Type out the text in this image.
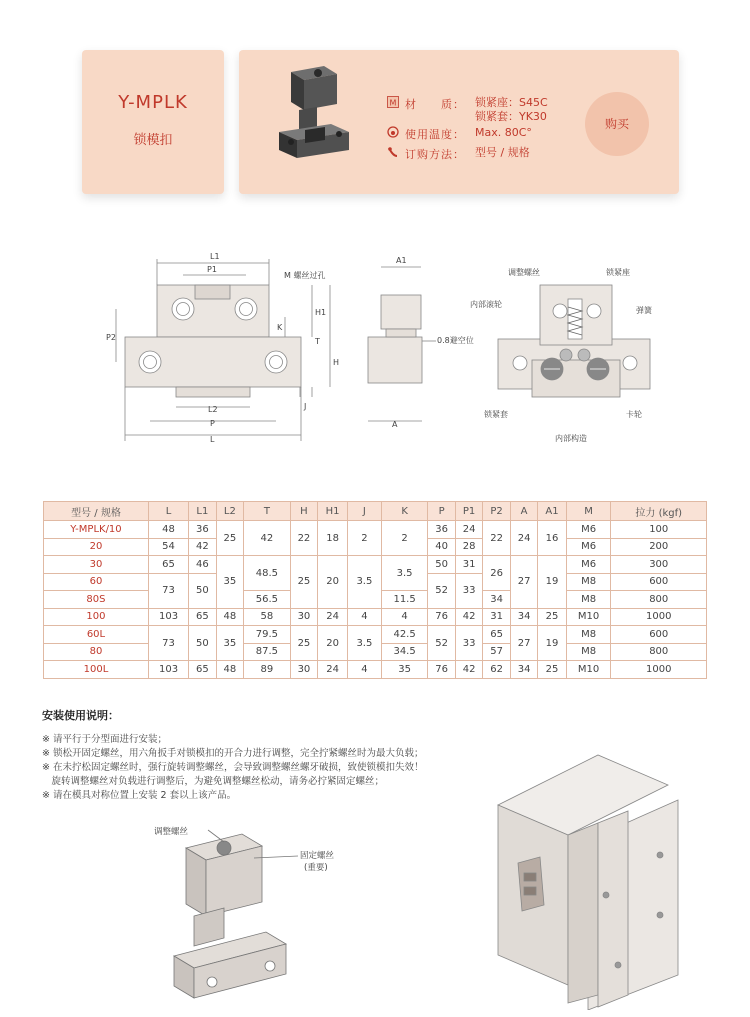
Y-MPLK
锁模扣
M 材　　质： 锁紧座：S45C
锁紧套：YK30
使用温度： Max. 80C°
订购方法： 型号 / 规格
购买
L1
P1
M 螺丝过孔
P2
K
H1
T
H
J
L2
P
L
A1
0.8避空位
A
调整螺丝	锁紧座
内部滚轮
弹簧
锁紧套	卡轮
内部构造
型号 / 规格	L	L1	L2	T	H	H1	J	K	P	P1	P2	A	A1	M	拉力 (kgf)
Y-MPLK/10	48	36	25	42	22	18	2	2	36	24	22	24	16	M6	100
20	54	42							40	28				M6	200
30	65	46	35	48.5	25	20	3.5	3.5	50	31	26	27	19	M6	300
60	73	50							52	33				M8	600
80S				56.5				11.5			34			M8	800
100	103	65	48	58	30	24	4	4	76	42	31	34	25	M10	1000
60L	73	50	35	79.5	25	20	3.5	42.5	52	33	65	27	19	M8	600
80				87.5				34.5			57			M8	800
100L	103	65	48	89	30	24	4	35	76	42	62	34	25	M10	1000
安装使用说明：
※ 请平行于分型面进行安装；
※ 锁松开固定螺丝，用六角扳手对锁模扣的开合力进行调整，完全拧紧螺丝时为最大负载；
※ 在未拧松固定螺丝时，强行旋转调整螺丝，会导致调整螺丝螺牙破损，致使锁模扣失效！
　旋转调整螺丝对负载进行调整后，为避免调整螺丝松动，请务必拧紧固定螺丝；
※ 请在模具对称位置上安装 2 套以上该产品。
调整螺丝
固定螺丝
(重要)
